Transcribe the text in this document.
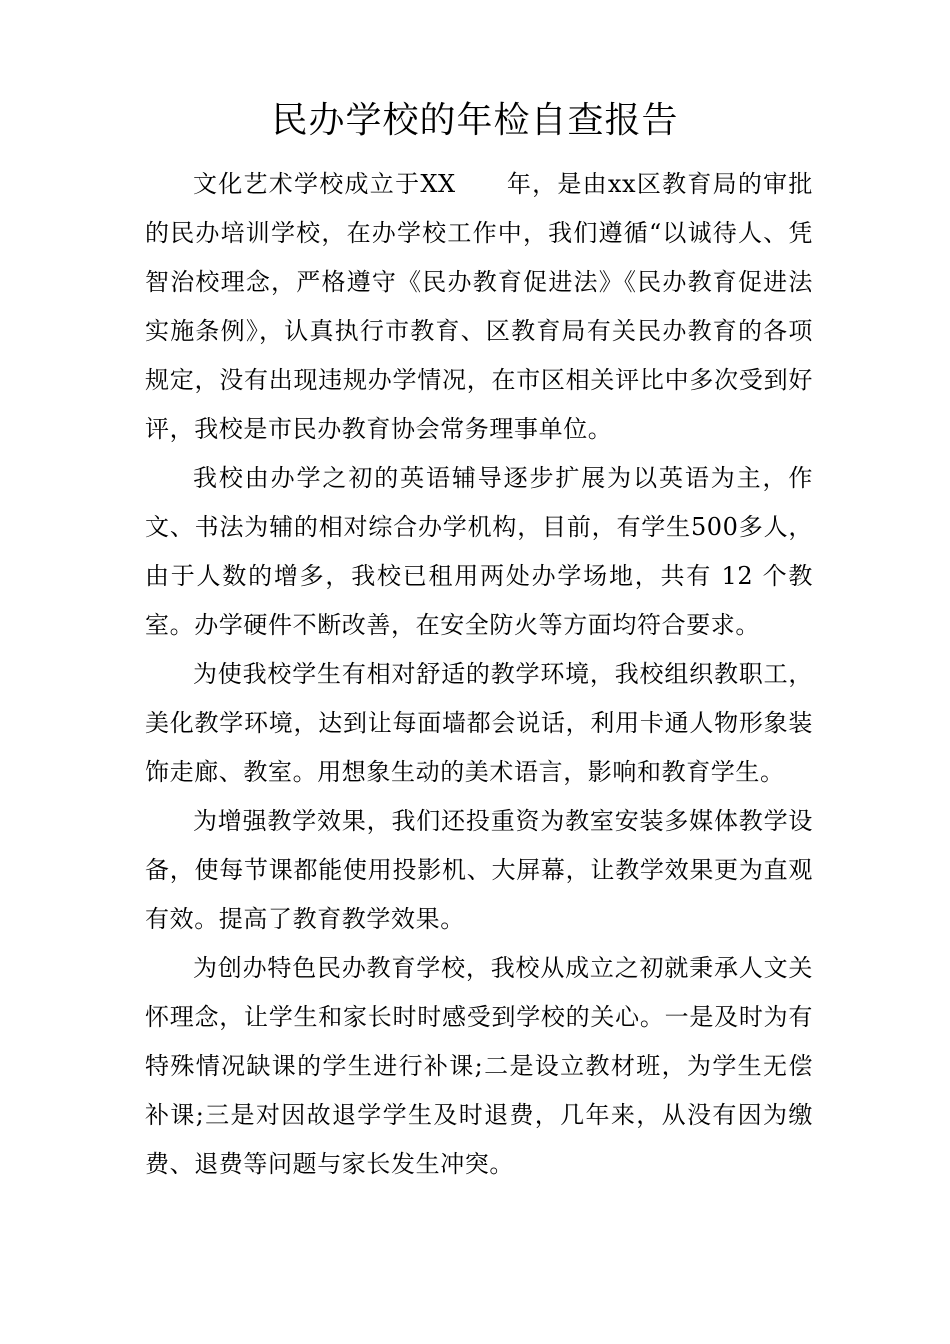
民办学校的年检自查报告

文化艺术学校成立于XX　　年，是由xx区教育局的审批的民办培训学校，在办学校工作中，我们遵循“以诚待人、凭智治校理念，严格遵守《民办教育促进法》《民办教育促进法实施条例》，认真执行市教育、区教育局有关民办教育的各项规定，没有出现违规办学情况，在市区相关评比中多次受到好评，我校是市民办教育协会常务理事单位。

我校由办学之初的英语辅导逐步扩展为以英语为主，作文、书法为辅的相对综合办学机构，目前，有学生500多人，由于人数的增多，我校已租用两处办学场地，共有 12 个教室。办学硬件不断改善，在安全防火等方面均符合要求。

为使我校学生有相对舒适的教学环境，我校组织教职工，美化教学环境，达到让每面墙都会说话，利用卡通人物形象装饰走廊、教室。用想象生动的美术语言，影响和教育学生。

为增强教学效果，我们还投重资为教室安装多媒体教学设备，使每节课都能使用投影机、大屏幕，让教学效果更为直观有效。提高了教育教学效果。

为创办特色民办教育学校，我校从成立之初就秉承人文关怀理念，让学生和家长时时感受到学校的关心。一是及时为有特殊情况缺课的学生进行补课;二是设立教材班，为学生无偿补课;三是对因故退学学生及时退费，几年来，从没有因为缴费、退费等问题与家长发生冲突。
